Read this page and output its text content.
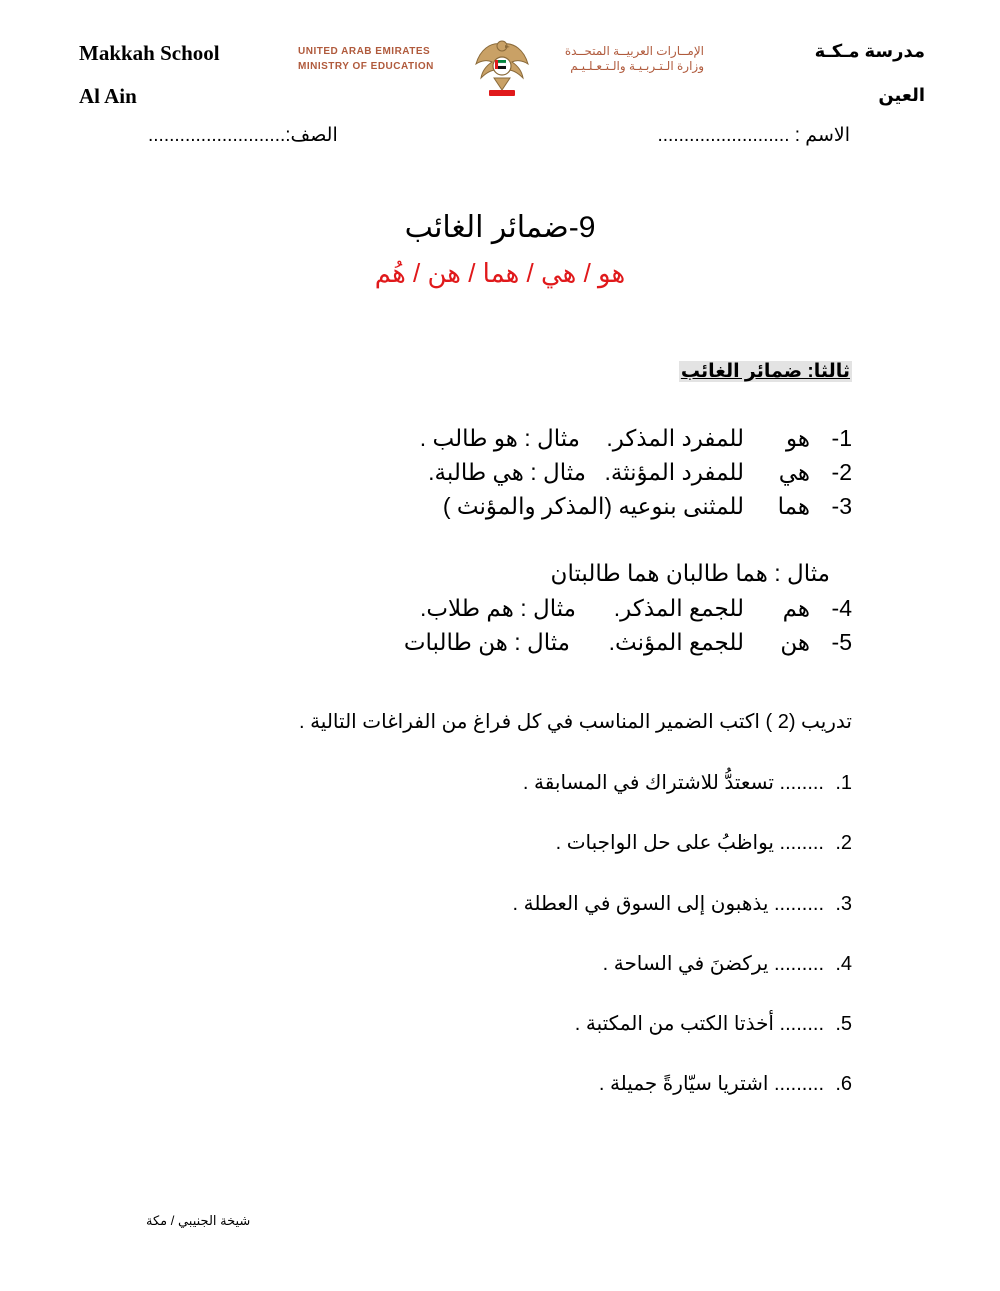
Makkah School
Al Ain
مدرسة مـكـة
العين
UNITED ARAB EMIRATES
MINISTRY OF EDUCATION
الإمــارات العربيــة المتحــدة
وزارة الـتـربـيـة والـتـعـلـيـم
الاسم : .........................
الصف:..........................
9-ضمائر الغائب
هو / هي / هما / هن / هُم
ثالثا: ضمائر الغائب
1-هوللمفرد المذكر.مثال : هو طالب .
2-هيللمفرد المؤنثة.مثال : هي طالبة.
3-هماللمثنى بنوعيه (المذكر والمؤنث )
مثال : هما طالبان هما طالبتان
4-همللجمع المذكر.مثال : هم طلاب.
5-هنللجمع المؤنث.مثال : هن طالبات
تدريب (2 ) اكتب الضمير المناسب في كل فراغ من الفراغات التالية .
1......... تسعتدُّ للاشتراك في المسابقة .
2......... يواظبُ على حل الواجبات .
3.......... يذهبون إلى السوق في العطلة .
4.......... يركضنَ في الساحة .
5......... أخذتا الكتب من المكتبة .
6.......... اشتريا سيّارةً جميلة .
شيخة الجنيبي / مكة
